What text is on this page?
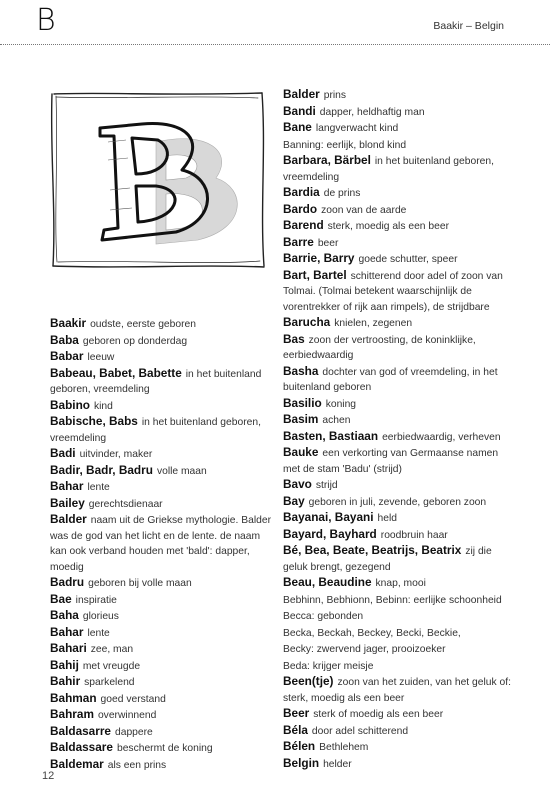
B	Baakir – Belgin
Baakir oudste, eerste geboren
Baba geboren op donderdag
Babar leeuw
Babeau, Babet, Babette in het buitenland geboren, vreemdeling
Babino kind
Babische, Babs in het buitenland geboren, vreemdeling
Badi uitvinder, maker
Badir, Badr, Badru volle maan
Bahar lente
Bailey gerechtsdienaar
Balder naam uit de Griekse mythologie. Balder was de god van het licht en de lente. de naam kan ook verband houden met 'bald': dapper, moedig
Badru geboren bij volle maan
Bae inspiratie
Baha glorieus
Bahar lente
Bahari zee, man
Bahij met vreugde
Bahir sparkelend
Bahman goed verstand
Bahram overwinnend
Baldasarre dappere
Baldassare beschermt de koning
Baldemar als een prins
Balder prins
Bandi dapper, heldhaftig man
Bane langverwacht kind
Banning: eerlijk, blond kind
Barbara, Bärbel in het buitenland geboren, vreemdeling
Bardia de prins
Bardo zoon van de aarde
Barend sterk, moedig als een beer
Barre beer
Barrie, Barry goede schutter, speer
Bart, Bartel schitterend door adel of zoon van Tolmai. (Tolmai betekent waarschijnlijk de vorentrekker of rijk aan rimpels), de strijdbare
Barucha knielen, zegenen
Bas zoon der vertroosting, de koninklijke, eerbiedwaardig
Basha dochter van god of vreemdeling, in het buitenland geboren
Basilio koning
Basim achen
Basten, Bastiaan eerbiedwaardig, verheven
Bauke een verkorting van Germaanse namen met de stam 'Badu' (strijd)
Bavo strijd
Bay geboren in juli, zevende, geboren zoon
Bayanai, Bayani held
Bayard, Bayhard roodbruin haar
Bé, Bea, Beate, Beatrijs, Beatrix zij die geluk brengt, gezegend
Beau, Beaudine knap, mooi
Bebhinn, Bebhionn, Bebinn: eerlijke schoonheid
Becca: gebonden
Becka, Beckah, Beckey, Becki, Beckie,
Becky: zwervend jager, prooizoeker
Beda: krijger meisje
Been(tje) zoon van het zuiden, van het geluk of: sterk, moedig als een beer
Beer sterk of moedig als een beer
Béla door adel schitterend
Bélen Bethlehem
Belgin helder
12
